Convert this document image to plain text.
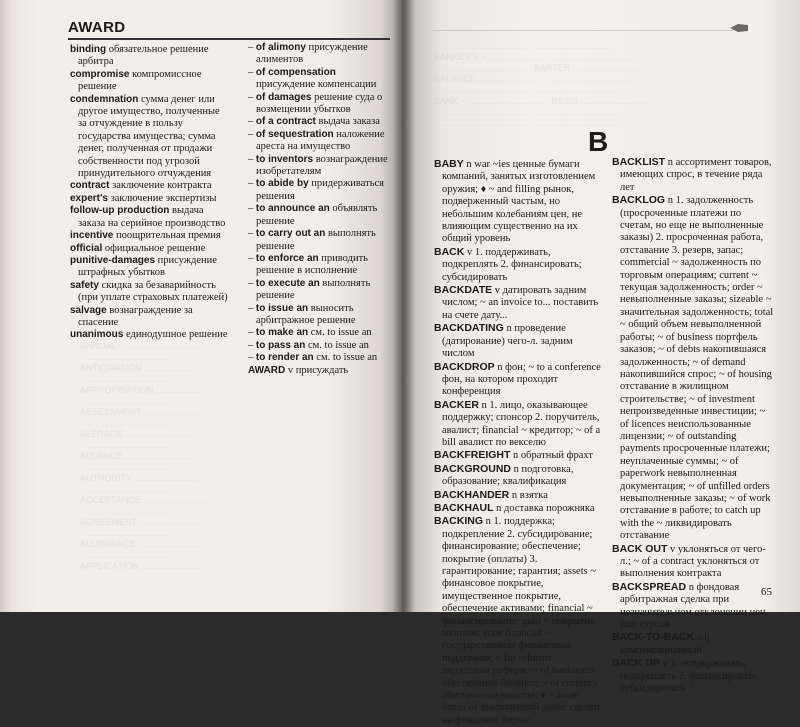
ANNUAL ~ .............................
.................................
ANTICIPATION ....................
..................................
APPROPRIATION ..................
..................................
ASSESSMENT .......................
..................................
AVERAGE ...........................
..................................
ADVANCE .............................
..................................
AUTHORITY ...........................
..................................
ACCEPTANCE ..........................
..................................
AGREEMENT ..........................
..................................
ALLOWANCE ..........................
..................................
APPLICATION ........................
AWARD

binding обязательное решение арбитра

compromise компромиссное решение

condemnation сумма денег или другое имущество, полученные за отчуждение в пользу государства имущества; сумма денег, полученная от продажи собственности под угрозой принудительного отчуждения

contract заключение контракта

expert's заключение экспертизы

follow-up production выдача заказа на серийное производство

incentive поощрительная премия

official официальное решение

punitive-damages присуждение штрафных убытков

safety скидка за безаварийность (при уплате страховых платежей)

salvage вознаграждение за спасение

unanimous единодушное решение

– of alimony присуждение алиментов

– of compensation присуждение компенсации

– of damages решение суда о возмещении убытков

– of a contract выдача заказа

– of sequestration наложение ареста на имущество

– to inventors вознаграждение изобретателям

– to abide by придерживаться решения

– to announce an объявлять решение

– to carry out an выполнять решение

– to enforce an приводить решение в исполнение

– to execute an выполнять решение

– to issue an выносить арбитражное решение

– to make an см. to issue an

– to pass an см. to issue an

– to render an см. to issue an

AWARD v присуждать

..................................   ................................
BANKER'S ~ ......................   .................................
..................................   BARTER ............................
BALANCE .........................   .................................
..................................   ..................................
BANK ~ ..............................   BASIS .............................
..................................   ..................................
..................................   ..................................
B

BABY n war ~ies ценные бумаги компаний, занятых изготовлением оружия; ♦ ~ and filling рынок, подверженный частым, но небольшим колебаниям цен, не влияющим существенно на их общий уровень

BACK v 1. поддерживать, подкреплять 2. финансировать; субсидировать

BACKDATE v датировать задним числом; ~ an invoice to... поставить на счете дату...

BACKDATING n проведение (датирование) чего-л. задним числом

BACKDROP n фон; ~ to a conference фон, на котором проходит конференция

BACKER n 1. лицо, оказывающее поддержку; спонсор 2. поручитель, авалист; financial ~ кредитор; ~ of a bill авалист по векселю

BACKFREIGHT n обратный фрахт

BACKGROUND n подготовка, образование; квалификация

BACKHANDER n взятка

BACKHAUL n доставка порожняка

BACKING n 1. поддержка; подкрепление 2. субсидирование; финансирование; обеспечение; покрытие (оплаты) 3. гарантирование; гарантия; assets ~ финансовое покрытие, имущественное покрытие, обеспечение активами; financial ~ финансирование; gold ~ покрытие золотом; state financial ~ государственная финансовая поддержка; ~ for reforms поддержка реформ; ~ of banknotes обеспечение банкнот; ~ of currency обеспечение валюты; ♦ ~ away отказ от заключенной ранее сделки на фондовой бирже

BACKLIST n ассортимент товаров, имеющих спрос, в течение ряда лет

BACKLOG n 1. задолженность (просроченные платежи по счетам, но еще не выполненные заказы) 2. просроченная работа, отставание 3. резерв, запас; commercial ~ задолженность по торговым операциям; current ~ текущая задолженность; order ~ невыполненные заказы; sizeable ~ значительная задолженность; total ~ общий объем невыполненной работы; ~ of business портфель заказов; ~ of debts накопившаяся задолженность; ~ of demand накопившийся спрос; ~ of housing отставание в жилищном строительстве; ~ of investment непроизведенные инвестиции; ~ of licences неиспользованные лицензии; ~ of outstanding payments просроченные платежи; неуплаченные суммы; ~ of paperwork невыполненная документация; ~ of unfilled orders невыполненные заказы; ~ of work отставание в работе; to catch up with the ~ ликвидировать отставание

BACK OUT v уклоняться от чего-л.; ~ of a contract уклоняться от выполнения контракта

BACKSPREAD n фондовая арбитражная сделка при незначительном отклонении цен или курсов

BACK-TO-BACK adj компенсационный

BACK UP v 1. поддерживать, подкреплять 2. финансировать; субсидировать

65
